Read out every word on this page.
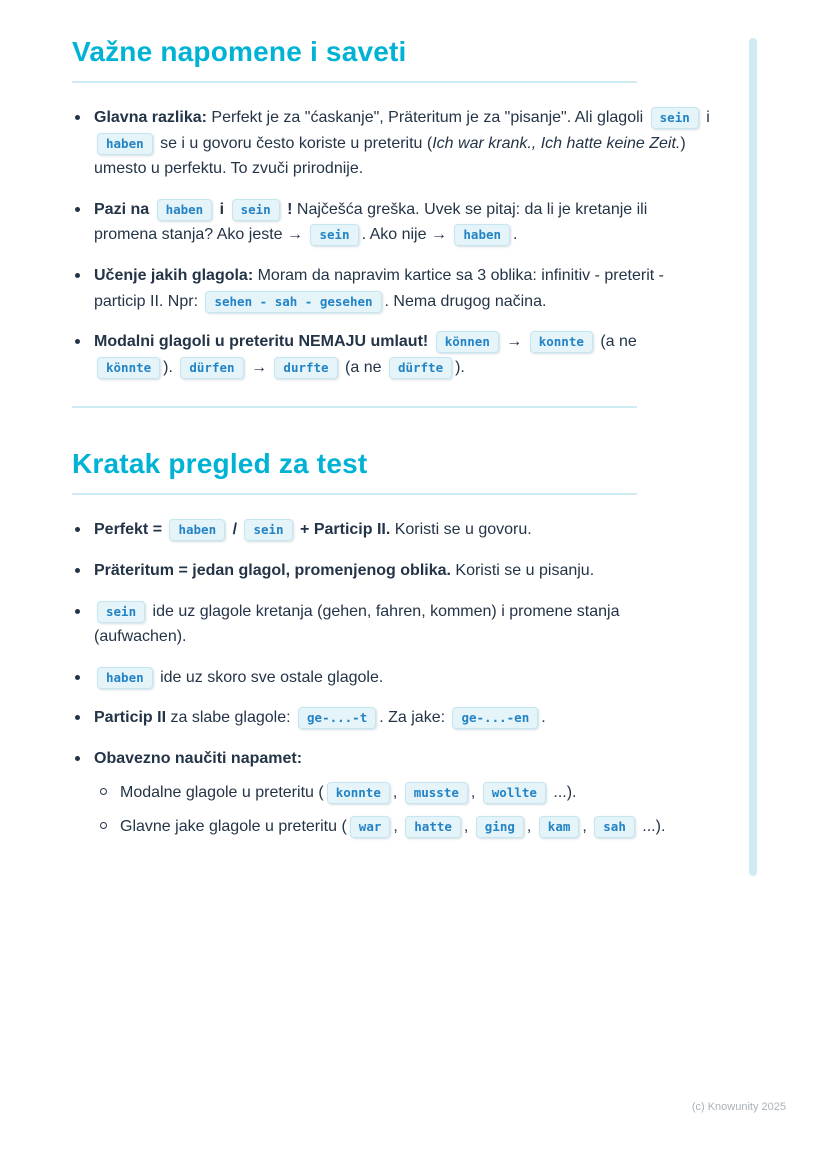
Važne napomene i saveti
Glavna razlika: Perfekt je za "ćaskanje", Präteritum je za "pisanje". Ali glagoli sein i haben se i u govoru često koriste u preteritu (Ich war krank., Ich hatte keine Zeit.) umesto u perfektu. To zvuči prirodnije.
Pazi na haben i sein ! Najčešća greška. Uvek se pitaj: da li je kretanje ili promena stanja? Ako jeste → sein . Ako nije → haben .
Učenje jakih glagola: Moram da napravim kartice sa 3 oblika: infinitiv - preterit - particip II. Npr: sehen - sah - gesehen . Nema drugog načina.
Modalni glagoli u preteritu NEMAJU umlaut! können → konnte (a ne könnte ). dürfen → durfte (a ne dürfte ).
Kratak pregled za test
Perfekt = haben / sein + Particip II. Koristi se u govoru.
Präteritum = jedan glagol, promenjenog oblika. Koristi se u pisanju.
sein ide uz glagole kretanja (gehen, fahren, kommen) i promene stanja (aufwachen).
haben ide uz skoro sve ostale glagole.
Particip II za slabe glagole: ge-...-t . Za jake: ge-...-en .
Obavezno naučiti napamet:
Modalne glagole u preteritu ( konnte , musste , wollte ...).
Glavne jake glagole u preteritu ( war , hatte , ging , kam , sah ...).
(c) Knowunity 2025
